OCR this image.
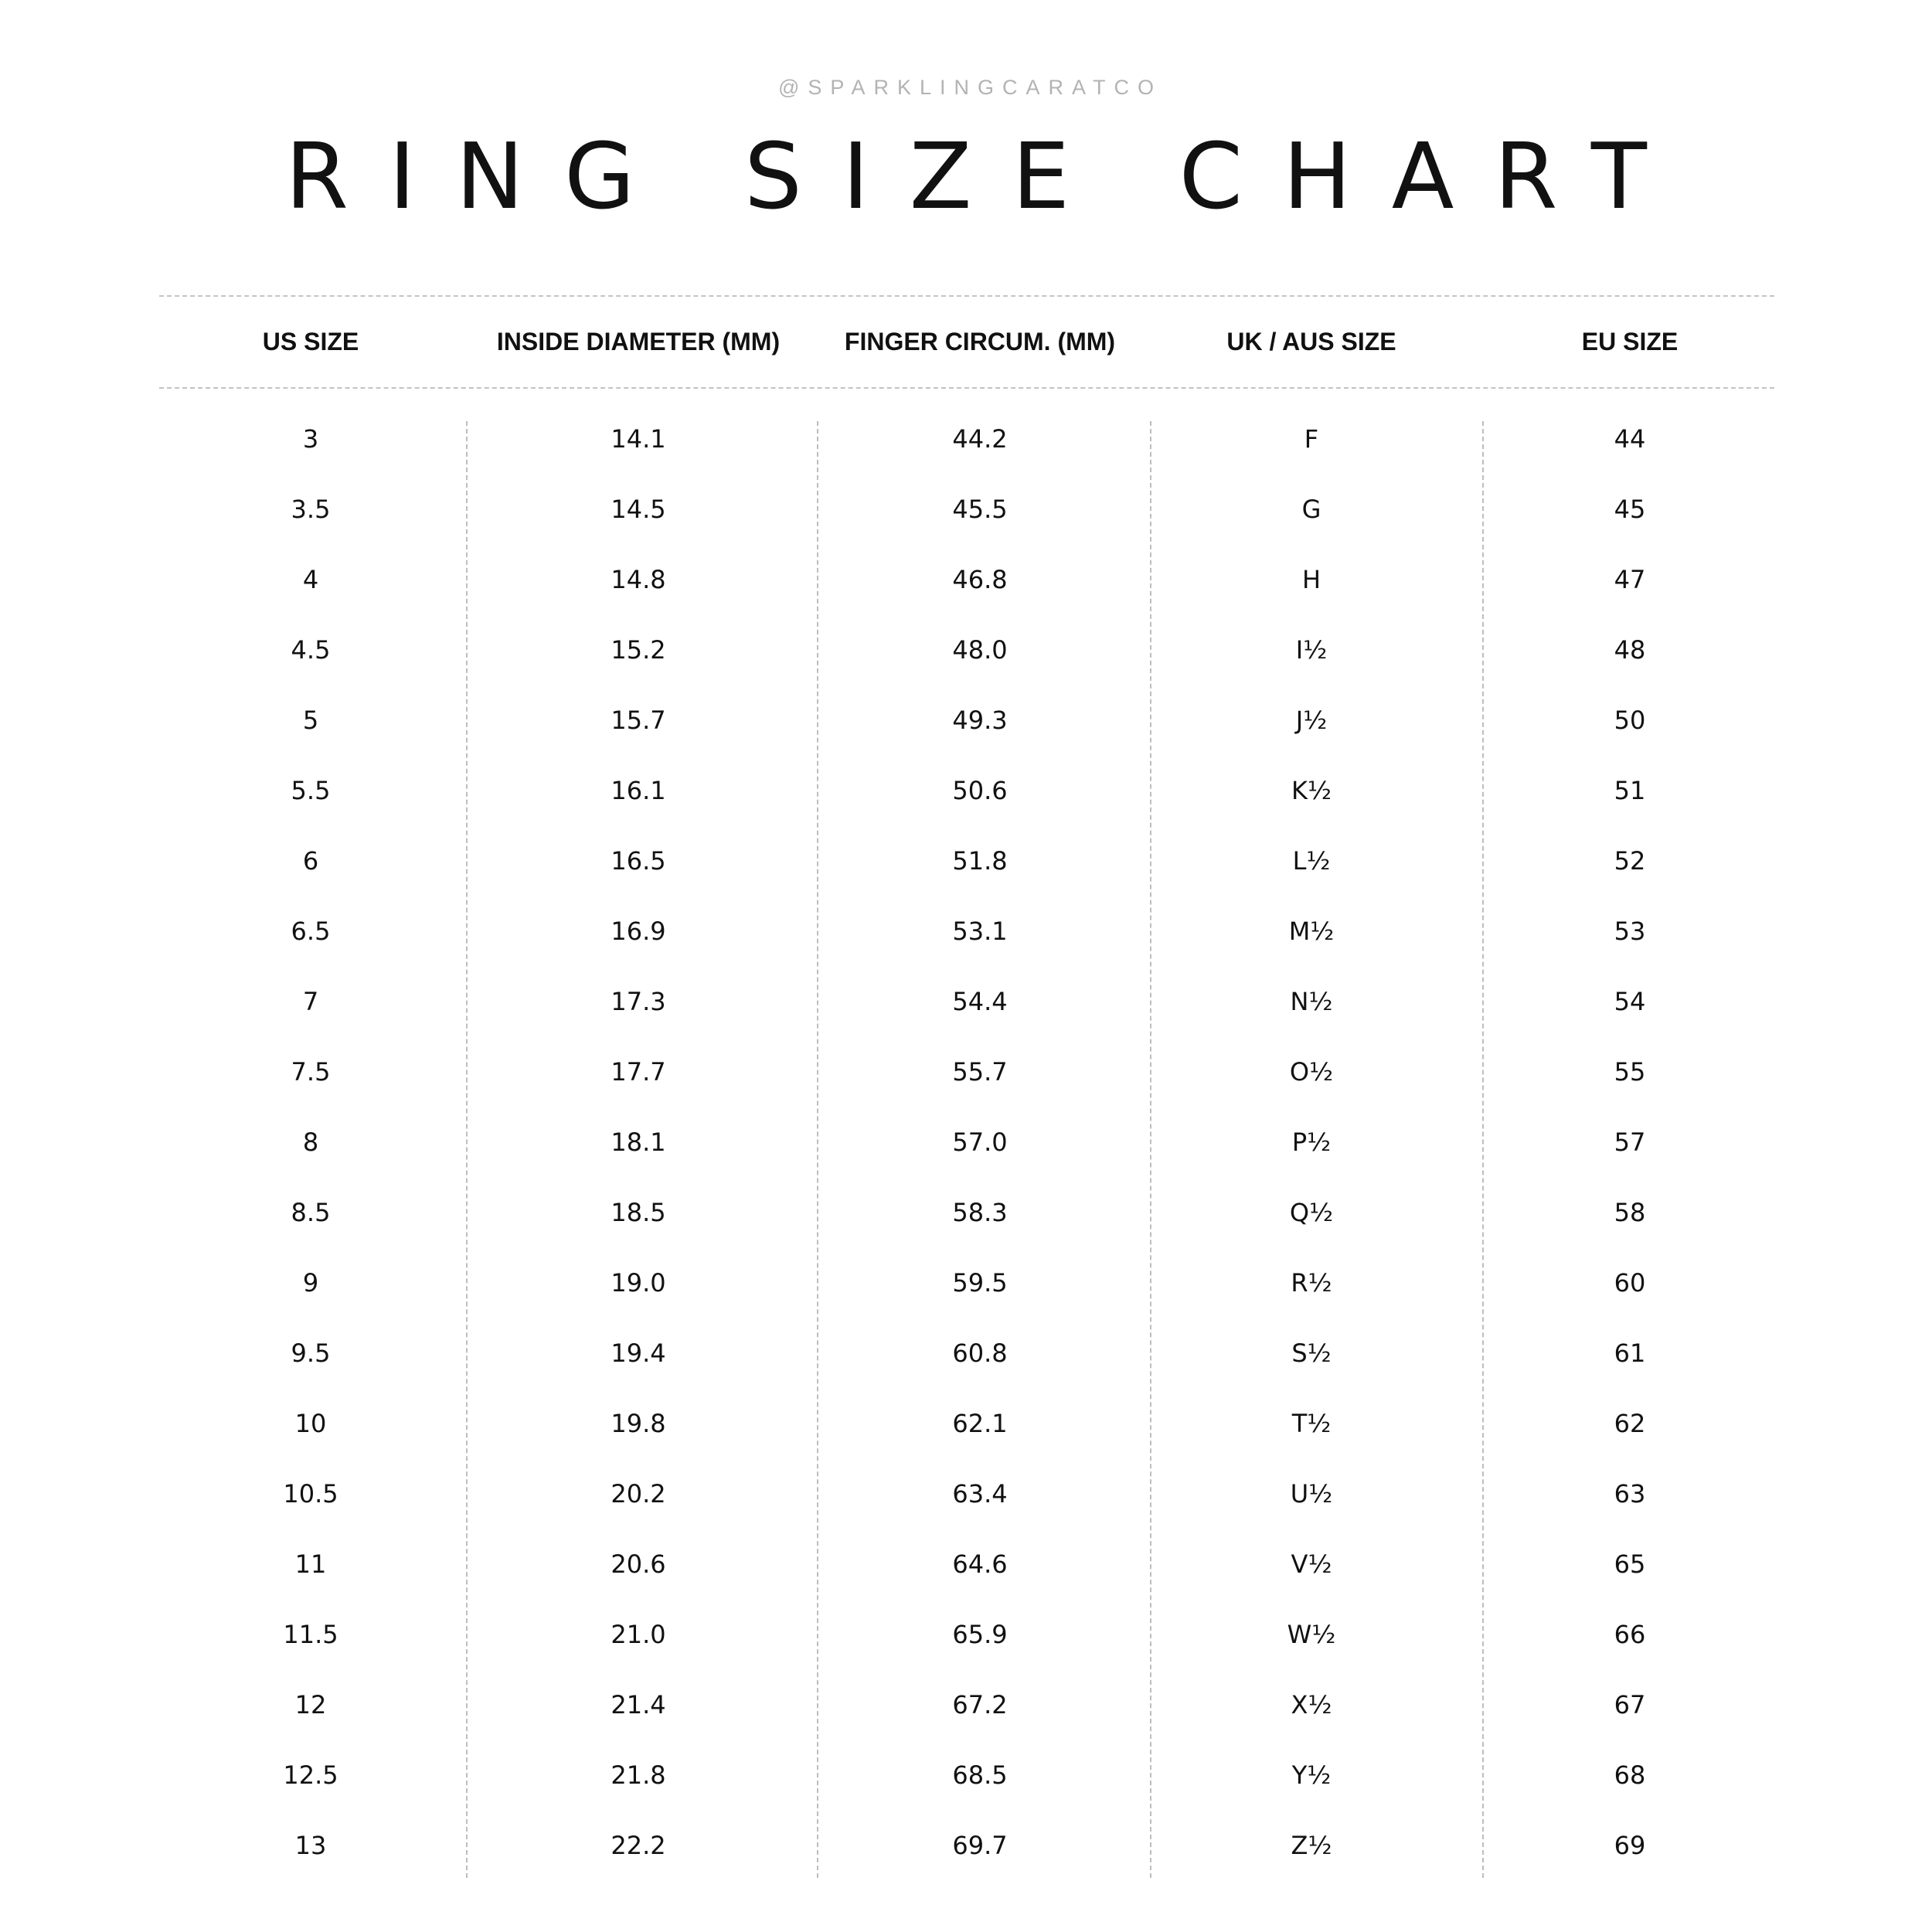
@SPARKLINGCARATCO
RING SIZE CHART
US SIZE	INSIDE DIAMETER (MM)	FINGER CIRCUM. (MM)	UK / AUS SIZE	EU SIZE
3	14.1	44.2	F	44
3.5	14.5	45.5	G	45
4	14.8	46.8	H	47
4.5	15.2	48.0	I½	48
5	15.7	49.3	J½	50
5.5	16.1	50.6	K½	51
6	16.5	51.8	L½	52
6.5	16.9	53.1	M½	53
7	17.3	54.4	N½	54
7.5	17.7	55.7	O½	55
8	18.1	57.0	P½	57
8.5	18.5	58.3	Q½	58
9	19.0	59.5	R½	60
9.5	19.4	60.8	S½	61
10	19.8	62.1	T½	62
10.5	20.2	63.4	U½	63
11	20.6	64.6	V½	65
11.5	21.0	65.9	W½	66
12	21.4	67.2	X½	67
12.5	21.8	68.5	Y½	68
13	22.2	69.7	Z½	69
